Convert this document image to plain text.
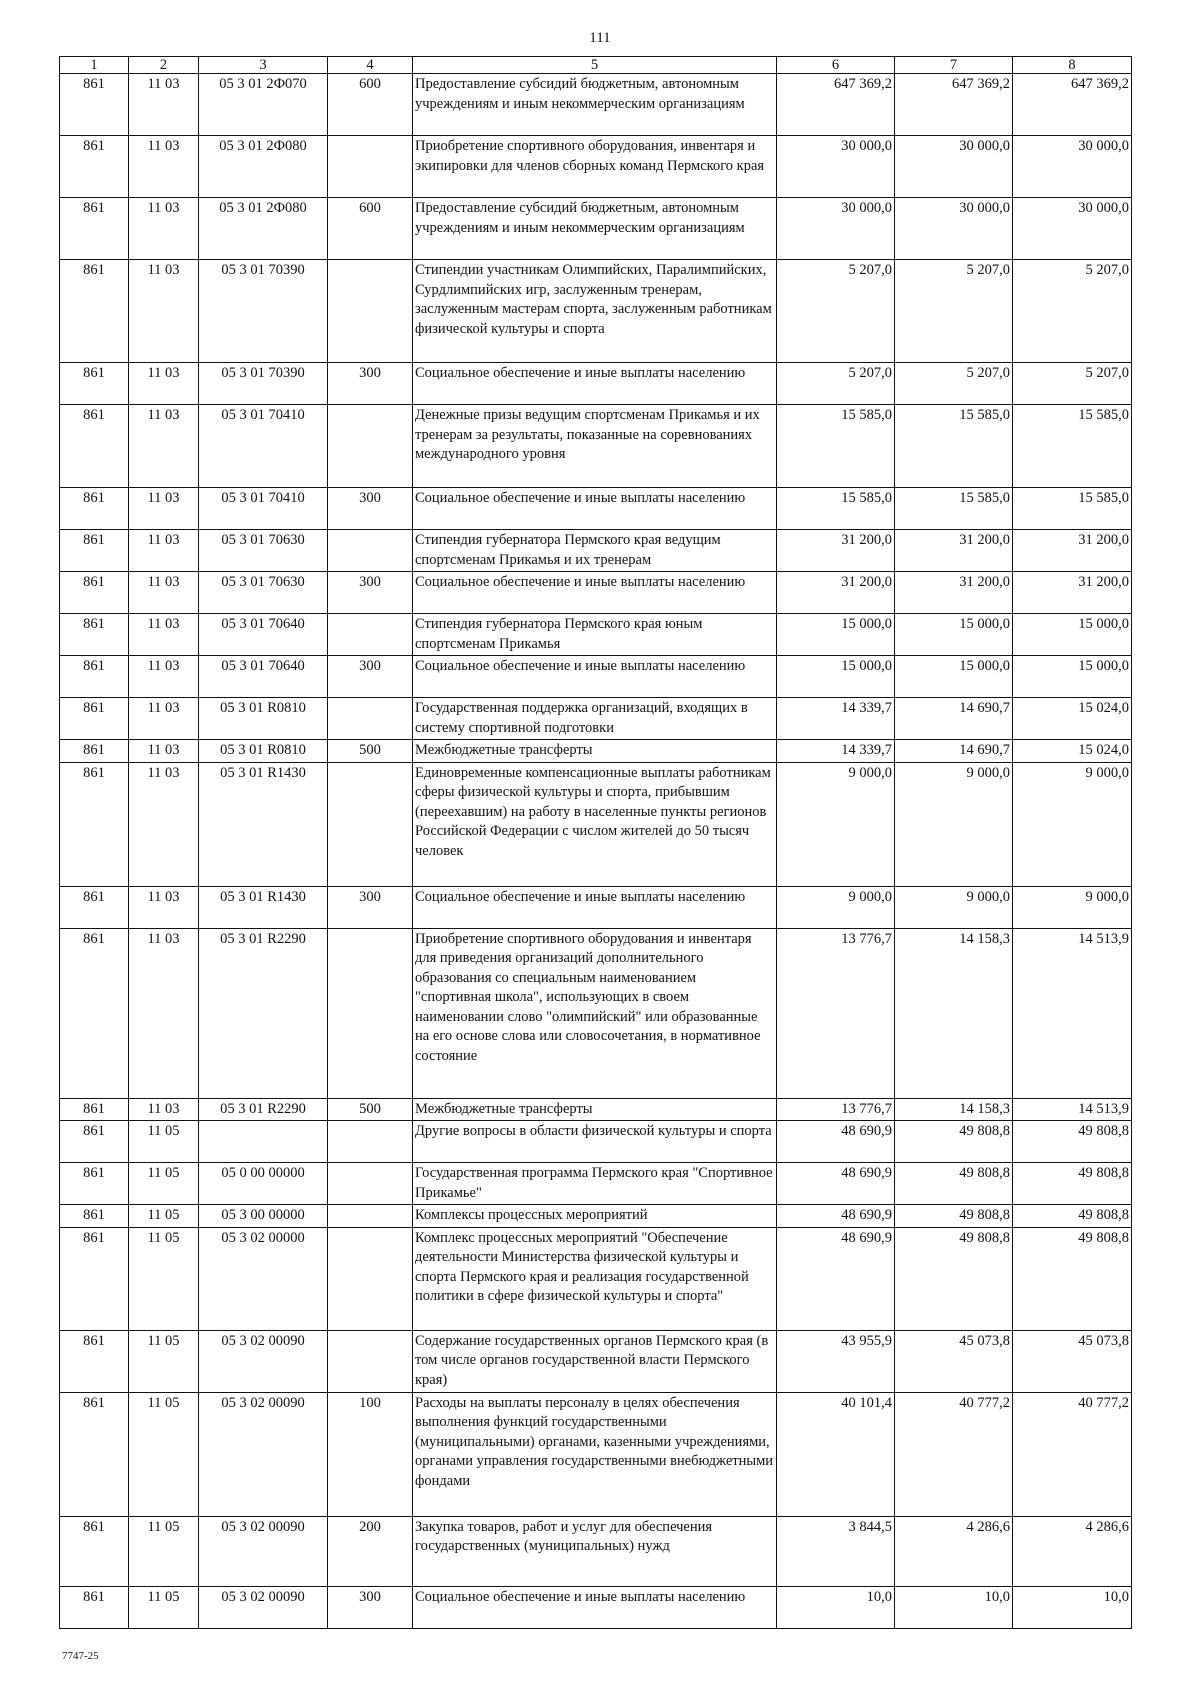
111
1	2	3	4	5	6	7	8
861	11 03	05 3 01 2Ф070	600	Предоставление субсидий бюджетным, автономным учреждениям и иным некоммерческим организациям	647 369,2	647 369,2	647 369,2
861	11 03	05 3 01 2Ф080		Приобретение спортивного оборудования, инвентаря и экипировки для членов сборных команд Пермского края	30 000,0	30 000,0	30 000,0
861	11 03	05 3 01 2Ф080	600	Предоставление субсидий бюджетным, автономным учреждениям и иным некоммерческим организациям	30 000,0	30 000,0	30 000,0
861	11 03	05 3 01 70390		Стипендии участникам Олимпийских, Паралимпийских, Сурдлимпийских игр, заслуженным тренерам, заслуженным мастерам спорта, заслуженным работникам физической культуры и спорта	5 207,0	5 207,0	5 207,0
861	11 03	05 3 01 70390	300	Социальное обеспечение и иные выплаты населению	5 207,0	5 207,0	5 207,0
861	11 03	05 3 01 70410		Денежные призы ведущим спортсменам Прикамья и их тренерам за результаты, показанные на соревнованиях международного уровня	15 585,0	15 585,0	15 585,0
861	11 03	05 3 01 70410	300	Социальное обеспечение и иные выплаты населению	15 585,0	15 585,0	15 585,0
861	11 03	05 3 01 70630		Стипендия губернатора Пермского края ведущим спортсменам Прикамья и их тренерам	31 200,0	31 200,0	31 200,0
861	11 03	05 3 01 70630	300	Социальное обеспечение и иные выплаты населению	31 200,0	31 200,0	31 200,0
861	11 03	05 3 01 70640		Стипендия губернатора Пермского края юным спортсменам Прикамья	15 000,0	15 000,0	15 000,0
861	11 03	05 3 01 70640	300	Социальное обеспечение и иные выплаты населению	15 000,0	15 000,0	15 000,0
861	11 03	05 3 01 R0810		Государственная поддержка организаций, входящих в систему спортивной подготовки	14 339,7	14 690,7	15 024,0
861	11 03	05 3 01 R0810	500	Межбюджетные трансферты	14 339,7	14 690,7	15 024,0
861	11 03	05 3 01 R1430		Единовременные компенсационные выплаты работникам сферы физической культуры и спорта, прибывшим (переехавшим) на работу в населенные пункты регионов Российской Федерации с числом жителей до 50 тысяч человек	9 000,0	9 000,0	9 000,0
861	11 03	05 3 01 R1430	300	Социальное обеспечение и иные выплаты населению	9 000,0	9 000,0	9 000,0
861	11 03	05 3 01 R2290		Приобретение спортивного оборудования и инвентаря для приведения организаций дополнительного образования со специальным наименованием "спортивная школа", использующих в своем наименовании слово "олимпийский" или образованные на его основе слова или словосочетания, в нормативное состояние	13 776,7	14 158,3	14 513,9
861	11 03	05 3 01 R2290	500	Межбюджетные трансферты	13 776,7	14 158,3	14 513,9
861	11 05			Другие вопросы в области физической культуры и спорта	48 690,9	49 808,8	49 808,8
861	11 05	05 0 00 00000		Государственная программа Пермского края "Спортивное Прикамье"	48 690,9	49 808,8	49 808,8
861	11 05	05 3 00 00000		Комплексы процессных мероприятий	48 690,9	49 808,8	49 808,8
861	11 05	05 3 02 00000		Комплекс процессных мероприятий "Обеспечение деятельности Министерства физической культуры и спорта Пермского края и реализация государственной политики в сфере физической культуры и спорта"	48 690,9	49 808,8	49 808,8
861	11 05	05 3 02 00090		Содержание государственных органов Пермского края (в том числе органов государственной власти Пермского края)	43 955,9	45 073,8	45 073,8
861	11 05	05 3 02 00090	100	Расходы на выплаты персоналу в целях обеспечения выполнения функций государственными (муниципальными) органами, казенными учреждениями, органами управления государственными внебюджетными фондами	40 101,4	40 777,2	40 777,2
861	11 05	05 3 02 00090	200	Закупка товаров, работ и услуг для обеспечения государственных (муниципальных) нужд	3 844,5	4 286,6	4 286,6
861	11 05	05 3 02 00090	300	Социальное обеспечение и иные выплаты населению	10,0	10,0	10,0
7747-25
